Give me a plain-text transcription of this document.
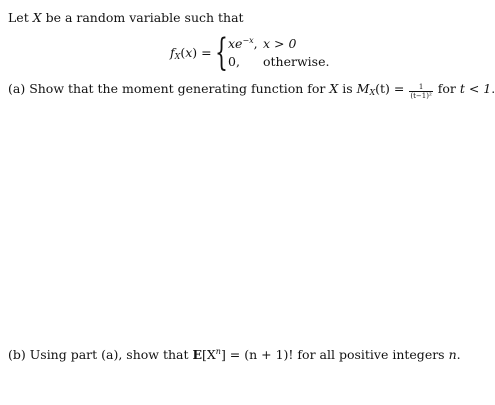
Let X be a random variable such that
$f_X(x)$ = { $xe^{-x}$, x > 0
0, otherwise.
(a) Show that the moment generating function for X is $M_X(t) = \frac{1}{\text{(t−1)²}}$ for t < 1.
(b) Using part (a), show that $E[X^n] = (n + 1)$! for all positive integers n.
